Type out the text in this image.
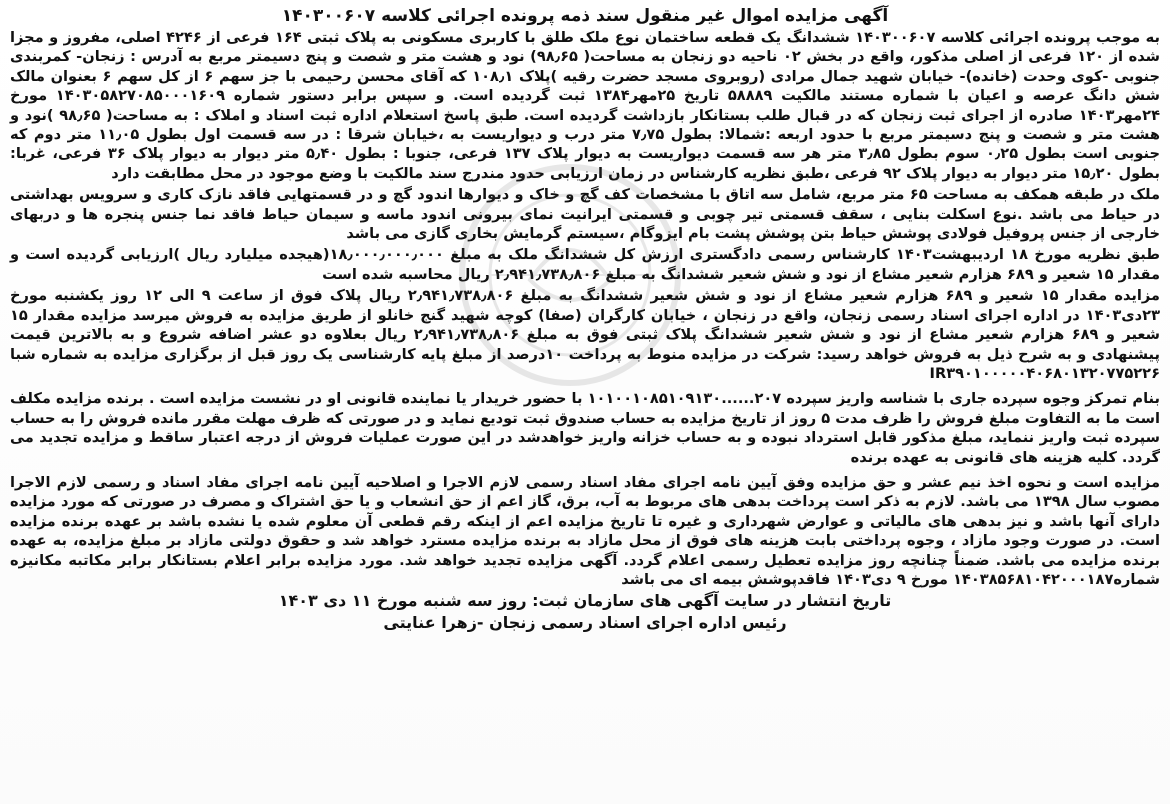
آگهی مزایده اموال غیر منقول سند ذمه پرونده اجرائی کلاسه ۱۴۰۳۰۰۶۰۷
به موجب پرونده اجرائی کلاسه ۱۴۰۳۰۰۶۰۷ ششدانگ یک قطعه ساختمان نوع ملک طلق با کاربری مسکونی به پلاک ثبتی ۱۶۴ فرعی از ۴۲۴۶ اصلی، مفروز و مجزا شده از ۱۲۰ فرعی از اصلی مذکور، واقع در بخش ۰۲ ناحیه دو زنجان به مساحت( ۹۸٫۶۵) نود و هشت متر و شصت و پنج دسیمتر مربع به آدرس : زنجان- کمربندی جنوبی -کوی وحدت (خانده)- خیابان شهید جمال مرادی (روبروی مسجد حضرت رقیه )پلاک ۱۰۸٫۱ که آقای محسن رحیمی با جز سهم ۶ از کل سهم ۶ بعنوان مالک شش دانگ عرصه و اعیان با شماره مستند مالکیت ۵۸۸۸۹ تاریخ ۲۵مهر۱۳۸۴ ثبت گردیده است. و سپس برابر دستور شماره ۱۴۰۳۰۵۸۲۷۰۸۵۰۰۰۱۶۰۹ مورخ ۲۴مهر۱۴۰۳ صادره از اجرای ثبت زنجان که در قبال طلب بستانکار بازداشت گردیده است. طبق پاسخ استعلام اداره ثبت اسناد و املاک : به مساحت( ۹۸٫۶۵ )نود و هشت متر و شصت و پنج دسیمتر مربع با حدود اربعه :شمالا: بطول ۷٫۷۵ متر درب و دیواریست به ،خیابان شرقا : در سه قسمت اول بطول ۱۱٫۰۵ متر دوم که جنوبی است بطول ۰٫۲۵ سوم بطول ۳٫۸۵ متر هر سه قسمت دیواریست به دیوار پلاک ۱۳۷ فرعی، جنوبا : بطول ۵٫۴۰ متر دیوار به دیوار پلاک ۳۶ فرعی، غربا: بطول ۱۵٫۲۰ متر دیوار به دیوار پلاک ۹۲ فرعی ،طبق نظریه کارشناس در زمان ارزیابی حدود مندرج سند مالکیت با وضع موجود در محل مطابقت دارد
ملک در طبقه همکف به مساحت ۶۵ متر مربع، شامل سه اتاق با مشخصات کف گچ و خاک و دیوارها اندود گچ و در قسمتهایی فاقد نازک کاری و سرویس بهداشتی در حیاط می باشد .نوع اسکلت بنایی ، سقف قسمتی تیر چوبی و قسمتی ایرانیت نمای بیرونی اندود ماسه و سیمان حیاط فاقد نما جنس پنجره ها و دربهای خارجی از جنس پروفیل فولادی پوشش حیاط بتن پوشش پشت بام ایزوگام ،سیستم گرمایش بخاری گازی می باشد
طبق نظریه مورخ ۱۸ اردیبهشت۱۴۰۳ کارشناس رسمی دادگستری ارزش کل ششدانگ ملک به مبلغ ۱۸٫۰۰۰٫۰۰۰٫۰۰۰(هیجده میلیارد ریال )ارزیابی گردیده است و مقدار ۱۵ شعیر و ۶۸۹ هزارم شعیر مشاع از نود و شش شعیر ششدانگ به مبلغ ۲٫۹۴۱٫۷۳۸٫۸۰۶ ریال محاسبه شده است
مزایده مقدار ۱۵ شعیر و ۶۸۹ هزارم شعیر مشاع از نود و شش شعیر ششدانگ به مبلغ ۲٫۹۴۱٫۷۳۸٫۸۰۶ ریال پلاک فوق از ساعت ۹ الی ۱۲ روز یکشنبه مورخ ۲۳دی۱۴۰۳ در اداره اجرای اسناد رسمی زنجان، واقع در زنجان ، خیابان کارگران (صفا) کوچه شهید گنج خانلو از طریق مزایده به فروش میرسد مزایده مقدار ۱۵ شعیر و ۶۸۹ هزارم شعیر مشاع از نود و شش شعیر ششدانگ پلاک ثبتی فوق به مبلغ ۲٫۹۴۱٫۷۳۸٫۸۰۶ ریال بعلاوه دو عشر اضافه شروع و به بالاترین قیمت پیشنهادی و به شرح ذیل به فروش خواهد رسید: شرکت در مزایده منوط به پرداخت ۱۰درصد از مبلغ پایه کارشناسی یک روز قبل از برگزاری مزایده به شماره شبا IR۳۹۰۱۰۰۰۰۰۴۰۶۸۰۱۳۲۰۷۷۵۲۲۶
بنام تمرکز وجوه سپرده جاری با شناسه واریز سپرده ۲۰۷......۱۰۱۰۰۱۰۸۵۱۰۹۱۳۰ با حضور خریدار یا نماینده قانونی او در نشست مزایده است . برنده مزایده مکلف است ما به التفاوت مبلغ فروش را ظرف مدت ۵ روز از تاریخ مزایده به حساب صندوق ثبت تودیع نماید و در صورتی که ظرف مهلت مقرر مانده فروش را به حساب سپرده ثبت واریز ننماید، مبلغ مذکور قابل استرداد نبوده و به حساب خزانه واریز خواهدشد در این صورت عملیات فروش از درجه اعتبار ساقط و مزایده تجدید می گردد. کلیه هزینه های قانونی به عهده برنده
مزایده است و نحوه اخذ نیم عشر و حق مزایده وفق آیین نامه اجرای مفاد اسناد رسمی لازم الاجرا و اصلاحیه آیین نامه اجرای مفاد اسناد و رسمی لازم الاجرا مصوب سال ۱۳۹۸ می باشد. لازم به ذکر است پرداخت بدهی های مربوط به آب، برق، گاز اعم از حق انشعاب و یا حق اشتراک و مصرف در صورتی که مورد مزایده دارای آنها باشد و نیز بدهی های مالیاتی و عوارض شهرداری و غیره تا تاریخ مزایده اعم از اینکه رقم قطعی آن معلوم شده یا نشده باشد بر عهده برنده مزایده است. در صورت وجود مازاد ، وجوه پرداختی بابت هزینه های فوق از محل مازاد به برنده مزایده مسترد خواهد شد و حقوق دولتی مازاد بر مبلغ مزایده، به عهده برنده مزایده می باشد. ضمناً چنانچه روز مزایده تعطیل رسمی اعلام گردد. آگهی مزایده تجدید خواهد شد. مورد مزایده برابر اعلام بستانکار برابر مکاتبه مکانیزه شماره۱۴۰۳۸۵۶۸۱۰۴۲۰۰۰۱۸۷ مورخ ۹ دی۱۴۰۳ فاقدپوشش بیمه ای می باشد
تاریخ انتشار در سایت آگهی های سازمان ثبت: روز سه شنبه مورخ ۱۱ دی ۱۴۰۳
رئیس اداره اجرای اسناد رسمی زنجان -زهرا عنایتی
